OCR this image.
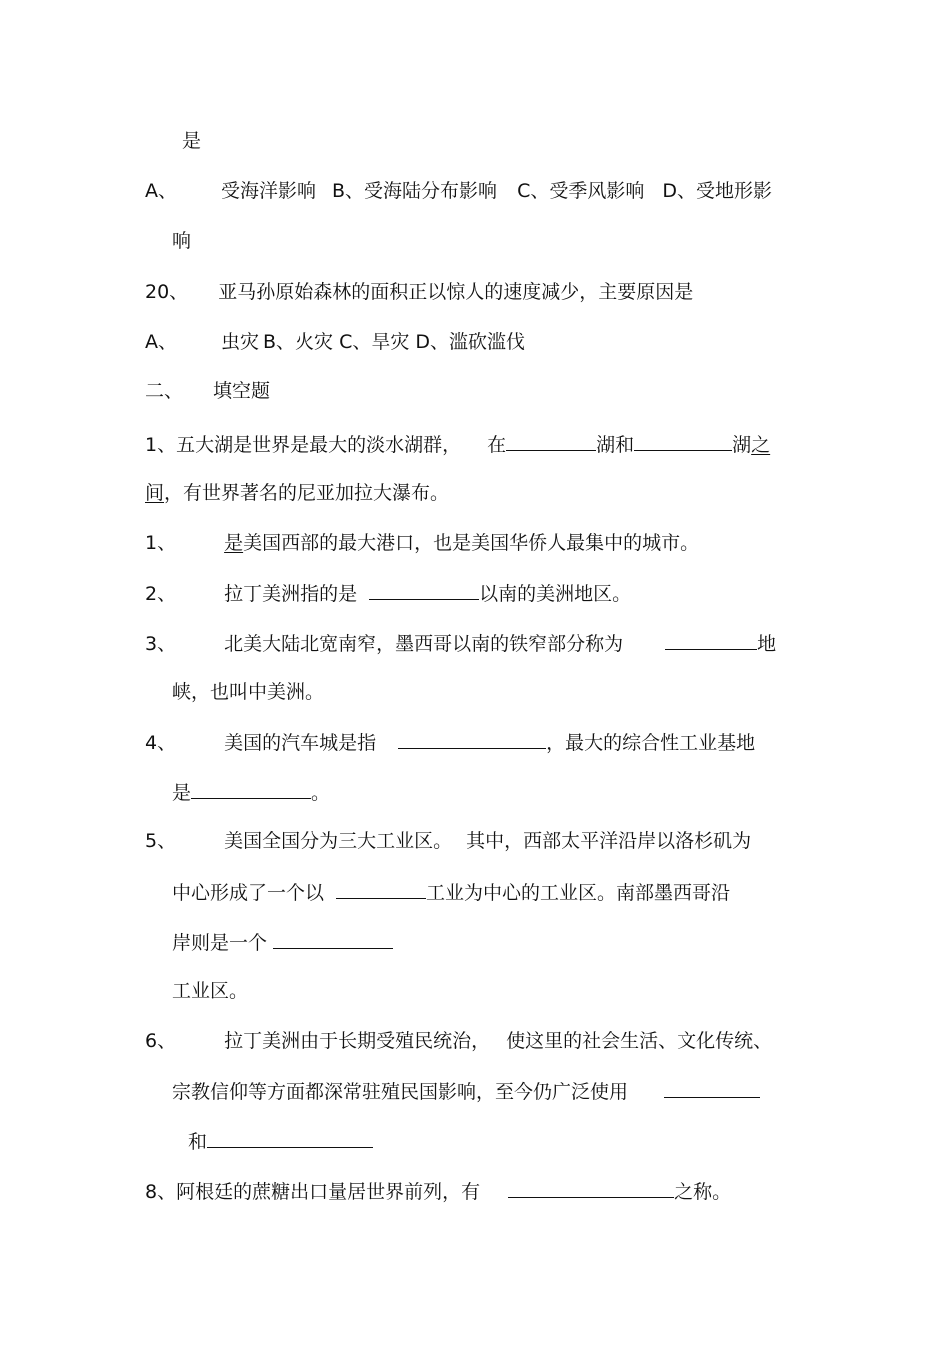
是
A、 受海洋影响 B、受海陆分布影响 C、受季风影响 D、受地形影
响
20、 亚马孙原始森林的面积正以惊人的速度减少，主要原因是
A、 虫灾 B、火灾 C、旱灾 D、滥砍滥伐
二、 填空题
1、五大湖是世界是最大的淡水湖群， 在	湖和	湖之
间，有世界著名的尼亚加拉大瀑布。
1、	是美国西部的最大港口，也是美国华侨人最集中的城市。
2、	拉丁美洲指的是	以南的美洲地区。
3、	北美大陆北宽南窄，墨西哥以南的铁窄部分称为	地
峡，也叫中美洲。
4、	美国的汽车城是指	，最大的综合性工业基地
是	。
5、	美国全国分为三大工业区。 其中，西部太平洋沿岸以洛杉矶为
中心形成了一个以	工业为中心的工业区。南部墨西哥沿
岸则是一个
工业区。
6、	拉丁美洲由于长期受殖民统治， 使这里的社会生活、文化传统、
宗教信仰等方面都深常驻殖民国影响，至今仍广泛使用
和
8、阿根廷的蔗糖出口量居世界前列，有	之称。
